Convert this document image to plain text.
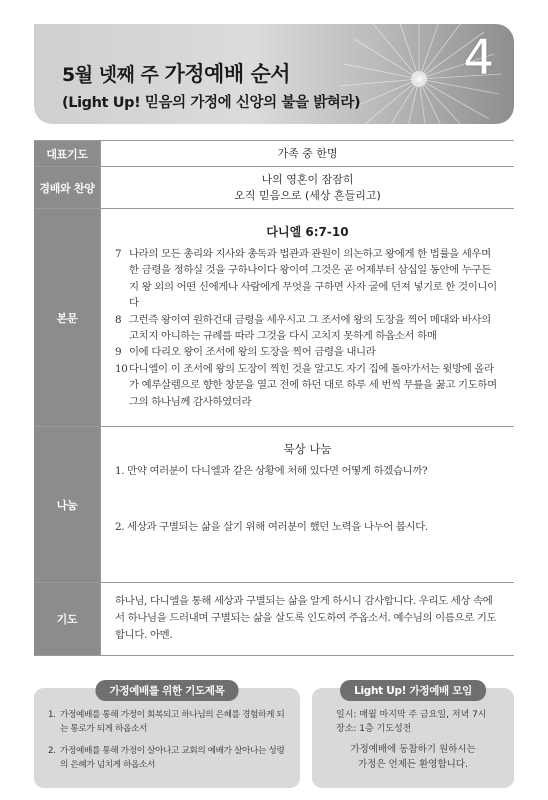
4
5월 넷째 주 가정예배 순서
(Light Up! 믿음의 가정에 신앙의 불을 밝혀라)
대표기도	가족 중 한명
경배와 찬양
나의 영혼이 잠잠히
오직 믿음으로 (세상 흔들리고)
본문
다니엘 6:7-10
7 나라의 모든 총리와 지사와 총독과 법관과 관원이 의논하고 왕에게 한 법률을 세우며 한 금령을 정하실 것을 구하나이다 왕이여 그것은 곧 어제부터 삼십일 동안에 누구든지 왕 외의 어떤 신에게나 사람에게 무엇을 구하면 사자 굴에 던져 넣기로 한 것이니이다
8 그런즉 왕이여 원하건대 금령을 세우시고 그 조서에 왕의 도장을 찍어 메대와 바사의 고치지 아니하는 규례를 따라 그것을 다시 고치지 못하게 하옵소서 하매
9 이에 다리오 왕이 조서에 왕의 도장을 찍어 금령을 내니라
10 다니엘이 이 조서에 왕의 도장이 찍힌 것을 알고도 자기 집에 돌아가서는 윗방에 올라가 예루살렘으로 향한 창문을 열고 전에 하던 대로 하루 세 번씩 무릎을 꿇고 기도하며 그의 하나님께 감사하였더라
나눔
묵상 나눔
1. 만약 여러분이 다니엘과 같은 상황에 처해 있다면 어떻게 하겠습니까?
2. 세상과 구별되는 삶을 살기 위해 여러분이 했던 노력을 나누어 봅시다.
기도
하나님, 다니엘을 통해 세상과 구별되는 삶을 알게 하시니 감사합니다. 우리도 세상 속에서 하나님을 드러내며 구별되는 삶을 살도록 인도하여 주옵소서. 예수님의 이름으로 기도합니다. 아멘.
가정예배를 위한 기도제목
1. 가정예배를 통해 가정이 회복되고 하나님의 은혜를 경험하게 되는 통로가 되게 하옵소서
2. 가정예배를 통해 가정이 살아나고 교회의 예배가 살아나는 성령의 은혜가 넘치게 하옵소서
Light Up! 가정예배 모임
일시: 매월 마지막 주 금요일, 저녁 7시
장소: 1층 기도성전
가정예배에 동참하기 원하시는
가정은 언제든 환영합니다.
